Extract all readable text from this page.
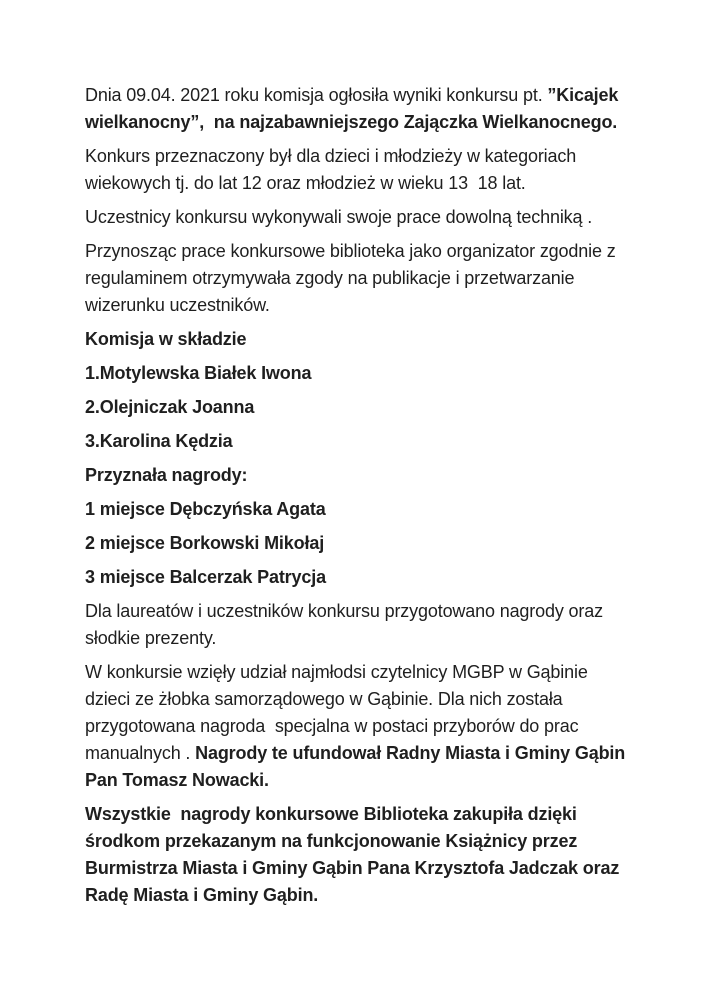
Dnia 09.04. 2021 roku komisja ogłosiła wyniki konkursu pt. ”Kicajek wielkanocny”,  na najzabawniejszego Zajączka Wielkanocnego.

Konkurs przeznaczony był dla dzieci i młodzieży w kategoriach wiekowych tj. do lat 12 oraz młodzież w wieku 13  18 lat.

Uczestnicy konkursu wykonywali swoje prace dowolną techniką .

Przynosząc prace konkursowe biblioteka jako organizator zgodnie z regulaminem otrzymywała zgody na publikacje i przetwarzanie wizerunku uczestników.

Komisja w składzie

1.Motylewska Białek Iwona

2.Olejniczak Joanna

3.Karolina Kędzia

Przyznała nagrody:

1 miejsce Dębczyńska Agata

2 miejsce Borkowski Mikołaj

3 miejsce Balcerzak Patrycja

Dla laureatów i uczestników konkursu przygotowano nagrody oraz słodkie prezenty.

W konkursie wzięły udział najmłodsi czytelnicy MGBP w Gąbinie dzieci ze żłobka samorządowego w Gąbinie. Dla nich została przygotowana nagroda  specjalna w postaci przyborów do prac manualnych . Nagrody te ufundował Radny Miasta i Gminy Gąbin Pan Tomasz Nowacki.

Wszystkie  nagrody konkursowe Biblioteka zakupiła dzięki środkom przekazanym na funkcjonowanie Książnicy przez Burmistrza Miasta i Gminy Gąbin Pana Krzysztofa Jadczak oraz Radę Miasta i Gminy Gąbin.
